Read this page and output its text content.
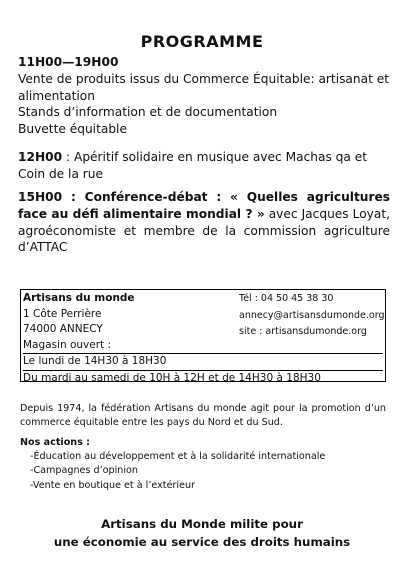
PROGRAMME

11H00—19H00

Vente de produits issus du Commerce Équitable: artisanat et alimentation

Stands d’information et de documentation

Buvette équitable

12H00 : Apéritif solidaire en musique avec Machas qa et Coin de la rue

15H00 : Conférence-débat : « Quelles agricultures face au défi alimentaire mondial ? » avec Jacques Loyat, agroéconomiste et membre de la commission agriculture d’ATTAC

Artisans du monde
1 Côte Perrière
74000 ANNECY
Magasin ouvert :
Le lundi de 14H30 à 18H30
Du mardi au samedi de 10H à 12H et de 14H30 à 18H30
Tél : 04 50 45 38 30
annecy@artisansdumonde.org
site : artisansdumonde.org
Depuis 1974, la fédération Artisans du monde agit pour la promotion d’un commerce équitable entre les pays du Nord et du Sud.
Nos actions :
-Éducation au développement et à la solidarité internationale
-Campagnes d’opinion
-Vente en boutique et à l’extérieur
Artisans du Monde milite pour
une économie au service des droits humains
